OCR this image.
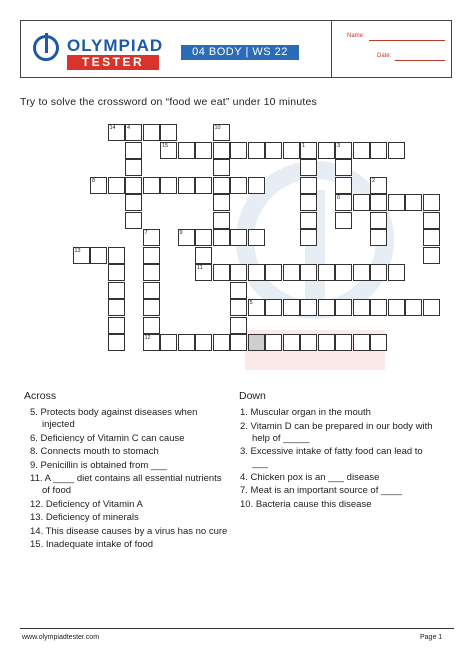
OLYMPIAD
TESTER
04 BODY | WS 22
Name:
Date:
Try to solve the crossword on “food we eat” under 10 minutes
14 4	10
15	1	3
6
8	2
7	9
11
13
5
12
Across
5. Protects body against diseases when injected
6. Deficiency of Vitamin C can cause
8. Connects mouth to stomach
9. Penicillin is obtained from ___
11. A ____ diet contains all essential nutrients of food
12. Deficiency of Vitamin A
13. Deficiency of minerals
14. This disease causes by a virus has no cure
15. Inadequate intake of food
Down
1. Muscular organ in the mouth
2. Vitamin D can be prepared in our body with help of _____
3. Excessive intake of fatty food can lead to ___
4. Chicken pox is an ___ disease
7. Meat is an important source of ____
10. Bacteria cause this disease
www.olympiadtester.com	Page 1
